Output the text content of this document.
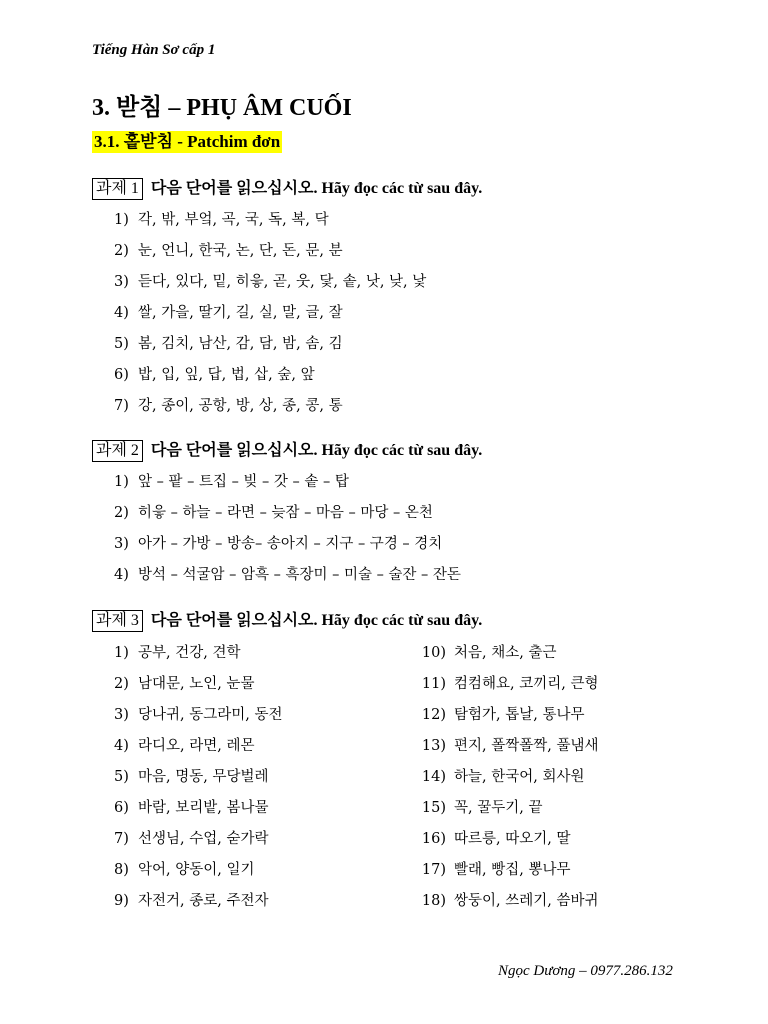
Tiếng Hàn Sơ cấp 1
3. 받침 – PHỤ ÂM CUỐI
3.1. 홑받침 - Patchim đơn
과제 1 다음 단어를 읽으십시오. Hãy đọc các từ sau đây.
1) 각, 밖, 부엌, 곡, 국, 독, 복, 닥
2) 눈, 언니, 한국, 논, 단, 돈, 문, 분
3) 듣다, 있다, 밑, 히읗, 곧, 웃, 닻, 솥, 낫, 낮, 낯
4) 쌀, 가을, 딸기, 길, 실, 말, 글, 잘
5) 봄, 김치, 남산, 감, 담, 밤, 솜, 김
6) 밥, 입, 잎, 답, 법, 삽, 숲, 앞
7) 강, 종이, 공항, 방, 상, 종, 콩, 통
과제 2 다음 단어를 읽으십시오. Hãy đọc các từ sau đây.
1) 앞 – 팥 – 트집 – 빚 – 갓 – 솥 – 탑
2) 히읗 – 하늘 – 라면 – 늦잠 – 마음 – 마당 – 온천
3) 아가 – 가방 – 방송– 송아지 – 지구 – 구경 – 경치
4) 방석 – 석굴암 – 암흑 – 흑장미 – 미술 – 술잔 – 잔돈
과제 3 다음 단어를 읽으십시오. Hãy đọc các từ sau đây.
1) 공부, 건강, 견학
2) 남대문, 노인, 눈물
3) 당나귀, 동그라미, 동전
4) 라디오, 라면, 레몬
5) 마음, 명동, 무당벌레
6) 바람, 보리밭, 봄나물
7) 선생님, 수업, 숟가락
8) 악어, 양동이, 일기
9) 자전거, 종로, 주전자
10) 처음, 채소, 출근
11) 컴컴해요, 코끼리, 큰형
12) 탐험가, 톱날, 통나무
13) 편지, 폴짝폴짝, 풀냄새
14) 하늘, 한국어, 회사원
15) 꼭, 꿀두기, 끝
16) 따르릉, 따오기, 딸
17) 빨래, 빵집, 뽕나무
18) 쌍둥이, 쓰레기, 씀바귀
Ngọc Dương – 0977.286.132
